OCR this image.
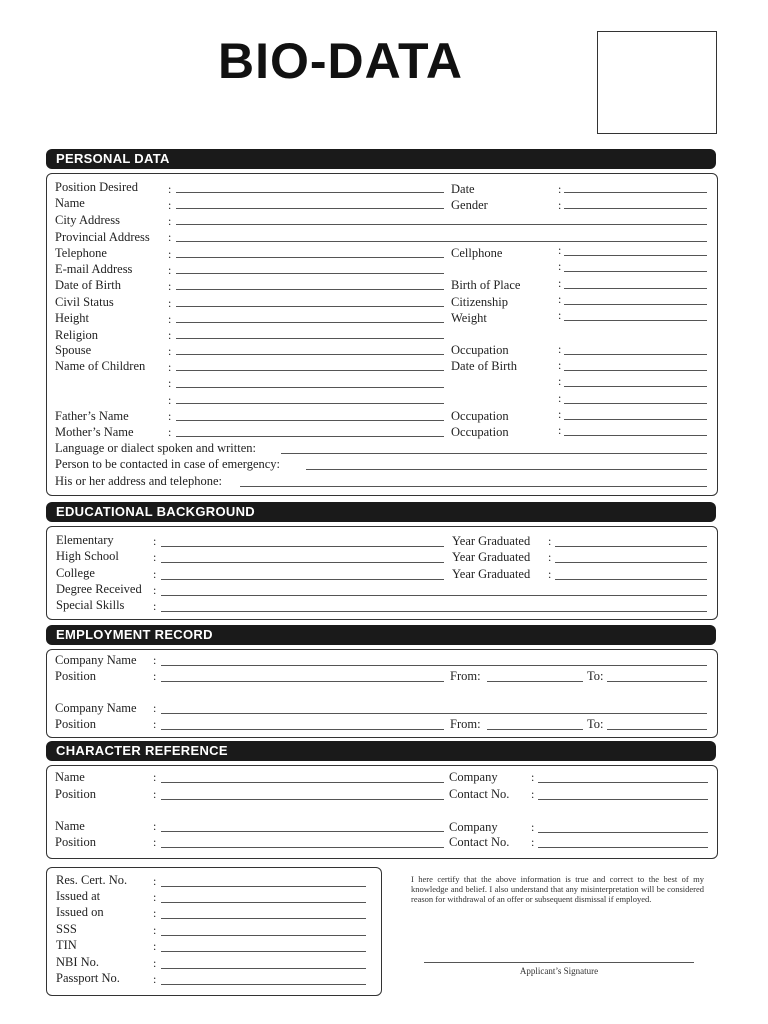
BIO-DATA
PERSONAL DATA
Position Desired
Name
City Address
Provincial Address
Telephone
E-mail Address
Date of Birth
Civil Status
Height
Religion
Spouse
Name of Children
Father’s Name
Mother’s Name
Date
Gender
Cellphone
Birth of Place
Citizenship
Weight
Occupation
Date of Birth
Occupation
Occupation
Language or dialect spoken and written:
Person to be contacted in case of emergency:
His or her address and telephone:
:
:
:
:
:
:
:
:
:
:
:
:
:
:
:
:
:
:
:
:
:
:
:
:
:
:
:
:
:
EDUCATIONAL BACKGROUND
Elementary
High School
College
Degree Received
Special Skills
Year Graduated
Year Graduated
Year Graduated
:
:
:
:
:
:
:
:
EMPLOYMENT RECORD
Company Name
Position
Company Name
Position
From:	To:
From:	To:
:
:
:
:
CHARACTER REFERENCE
Name
Position
Name
Position
Company
Contact No.
Company
Contact No.
:
:
:
:
:
:
:
:
Res. Cert. No.
Issued at
Issued on
SSS
TIN
NBI No.
Passport No.
:
:
:
:
:
:
:
I here certify that the above information is true and correct to the best of my knowledge and belief. I also understand that any misinterpretation will be considered reason for withdrawal of an offer or subsequent dismissal if employed.
Applicant’s Signature
